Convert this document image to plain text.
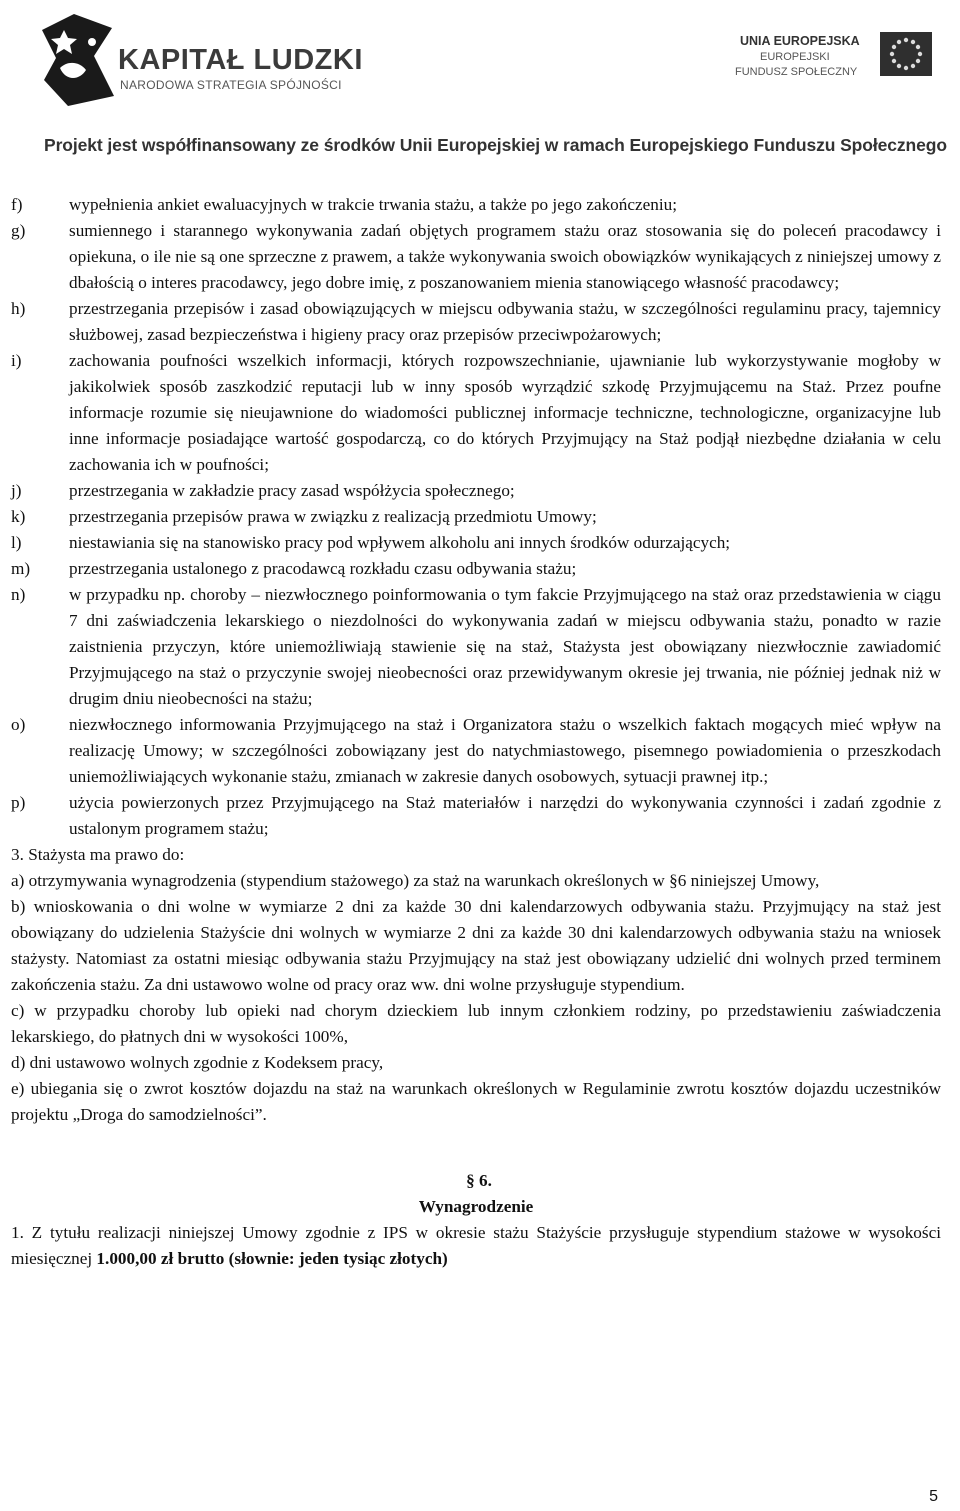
KAPITAŁ LUDZKI
NARODOWA STRATEGIA SPÓJNOŚCI
UNIA EUROPEJSKA
EUROPEJSKI
FUNDUSZ SPOŁECZNY
Projekt jest współfinansowany ze środków Unii Europejskiej w ramach Europejskiego Funduszu Społecznego
f)	wypełnienia ankiet ewaluacyjnych w trakcie trwania stażu, a także po jego zakończeniu;
g)	sumiennego i starannego wykonywania zadań objętych programem stażu oraz stosowania się do poleceń pracodawcy i opiekuna, o ile nie są one sprzeczne z prawem, a także wykonywania swoich obowiązków wynikających z niniejszej umowy z dbałością o interes pracodawcy, jego dobre imię, z poszanowaniem mienia stanowiącego własność pracodawcy;
h)	przestrzegania przepisów i zasad obowiązujących w miejscu odbywania stażu, w szczególności regulaminu pracy, tajemnicy służbowej, zasad bezpieczeństwa i higieny pracy oraz przepisów przeciwpożarowych;
i)	zachowania poufności wszelkich informacji, których rozpowszechnianie, ujawnianie lub wykorzystywanie mogłoby w jakikolwiek sposób zaszkodzić reputacji lub w inny sposób wyrządzić szkodę Przyjmującemu na Staż. Przez poufne informacje rozumie się nieujawnione do wiadomości publicznej informacje techniczne, technologiczne, organizacyjne lub inne informacje posiadające wartość gospodarczą, co do których Przyjmujący na Staż podjął niezbędne działania w celu zachowania ich w poufności;
j)	przestrzegania w zakładzie pracy zasad współżycia społecznego;
k)	przestrzegania przepisów prawa w związku z realizacją przedmiotu Umowy;
l)	niestawiania się na stanowisko pracy pod wpływem alkoholu ani innych środków odurzających;
m)	przestrzegania ustalonego z pracodawcą rozkładu czasu odbywania stażu;
n)	w przypadku np. choroby – niezwłocznego poinformowania o tym fakcie Przyjmującego na staż oraz przedstawienia w ciągu 7 dni zaświadczenia lekarskiego o niezdolności do wykonywania zadań w miejscu odbywania stażu, ponadto w razie zaistnienia przyczyn, które uniemożliwiają stawienie się na staż, Stażysta jest obowiązany niezwłocznie zawiadomić Przyjmującego na staż o przyczynie swojej nieobecności oraz przewidywanym okresie jej trwania, nie później jednak niż w drugim dniu nieobecności na stażu;
o)	niezwłocznego informowania Przyjmującego na staż i Organizatora stażu o wszelkich faktach mogących mieć wpływ na realizację Umowy; w szczególności zobowiązany jest do natychmiastowego, pisemnego powiadomienia o przeszkodach uniemożliwiających wykonanie stażu, zmianach w zakresie danych osobowych, sytuacji prawnej itp.;
p)	użycia powierzonych przez Przyjmującego na Staż materiałów i narzędzi do wykonywania czynności i zadań zgodnie z ustalonym programem stażu;
3. Stażysta ma prawo do:
a) otrzymywania wynagrodzenia (stypendium stażowego) za staż na warunkach określonych w §6 niniejszej Umowy,
b) wnioskowania o dni wolne w wymiarze 2 dni za każde 30 dni kalendarzowych odbywania stażu. Przyjmujący na staż jest obowiązany do udzielenia Stażyście dni wolnych w wymiarze 2 dni za każde 30 dni kalendarzowych odbywania stażu na wniosek stażysty. Natomiast za ostatni miesiąc odbywania stażu Przyjmujący na staż jest obowiązany udzielić dni wolnych przed terminem zakończenia stażu. Za dni ustawowo wolne od pracy oraz ww. dni wolne przysługuje stypendium.
c) w przypadku choroby lub opieki nad chorym dzieckiem lub innym członkiem rodziny, po przedstawieniu zaświadczenia lekarskiego, do płatnych dni w wysokości 100%,
d) dni ustawowo wolnych zgodnie z Kodeksem pracy,
e) ubiegania się o zwrot kosztów dojazdu na staż na warunkach określonych w Regulaminie zwrotu kosztów dojazdu uczestników projektu „Droga do samodzielności”.
§ 6.
Wynagrodzenie
1. Z tytułu realizacji niniejszej Umowy zgodnie z IPS w okresie stażu Stażyście przysługuje stypendium stażowe w wysokości miesięcznej 1.000,00 zł brutto (słownie: jeden tysiąc złotych)
5
